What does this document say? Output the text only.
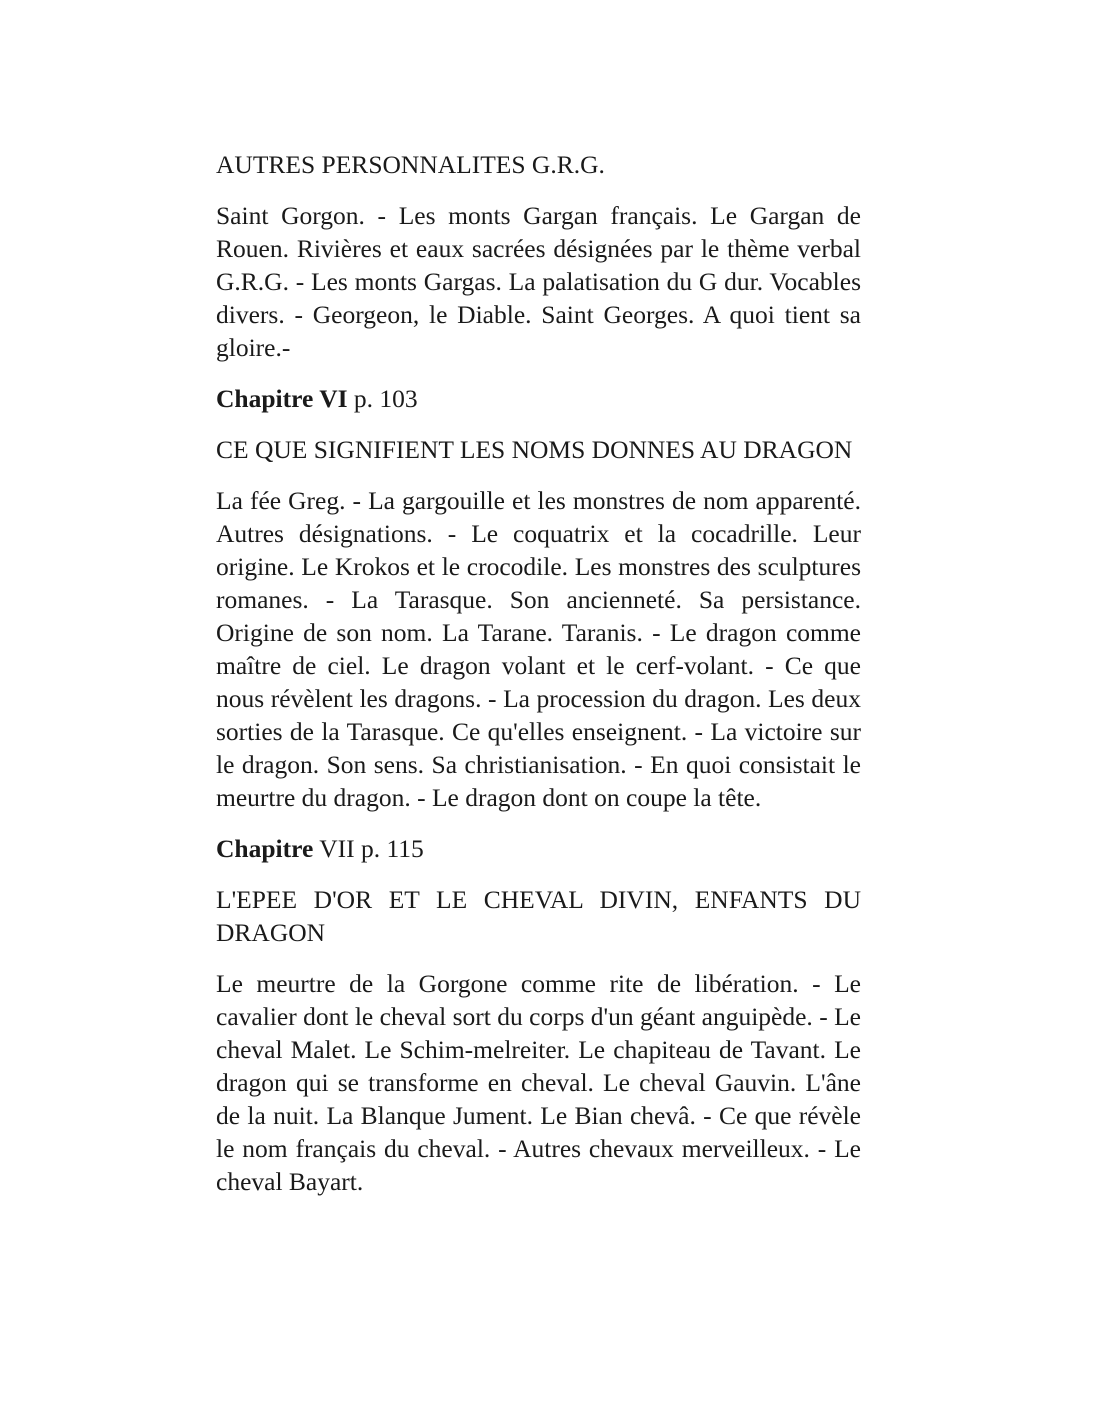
AUTRES PERSONNALITES G.R.G.

Saint Gorgon. - Les monts Gargan français. Le Gargan de Rouen. Rivières et eaux sacrées désignées par le thème verbal G.R.G. - Les monts Gargas. La palatisation du G dur. Vocables divers. - Georgeon, le Diable. Saint Georges. A quoi tient sa gloire.-

Chapitre VI p. 103

CE QUE SIGNIFIENT LES NOMS DONNES AU DRAGON

La fée Greg. - La gargouille et les monstres de nom apparenté. Autres désignations. - Le coquatrix et la cocadrille. Leur origine. Le Krokos et le crocodile. Les monstres des sculptures romanes. - La Tarasque. Son ancienneté. Sa persistance. Origine de son nom. La Tarane. Taranis. - Le dragon comme maître de ciel. Le dragon volant et le cerf-volant. - Ce que nous révèlent les dragons. - La procession du dragon. Les deux sorties de la Tarasque. Ce qu'elles enseignent. - La victoire sur le dragon. Son sens. Sa christianisation. - En quoi consistait le meurtre du dragon. - Le dragon dont on coupe la tête.

Chapitre VII p. 115

L'EPEE D'OR ET LE CHEVAL DIVIN, ENFANTS DU DRAGON

Le meurtre de la Gorgone comme rite de libération. - Le cavalier dont le cheval sort du corps d'un géant anguipède. - Le cheval Malet. Le Schim-melreiter. Le chapiteau de Tavant. Le dragon qui se transforme en cheval. Le cheval Gauvin. L'âne de la nuit. La Blanque Jument. Le Bian chevâ. - Ce que révèle le nom français du cheval. - Autres chevaux merveilleux. - Le cheval Bayart.
